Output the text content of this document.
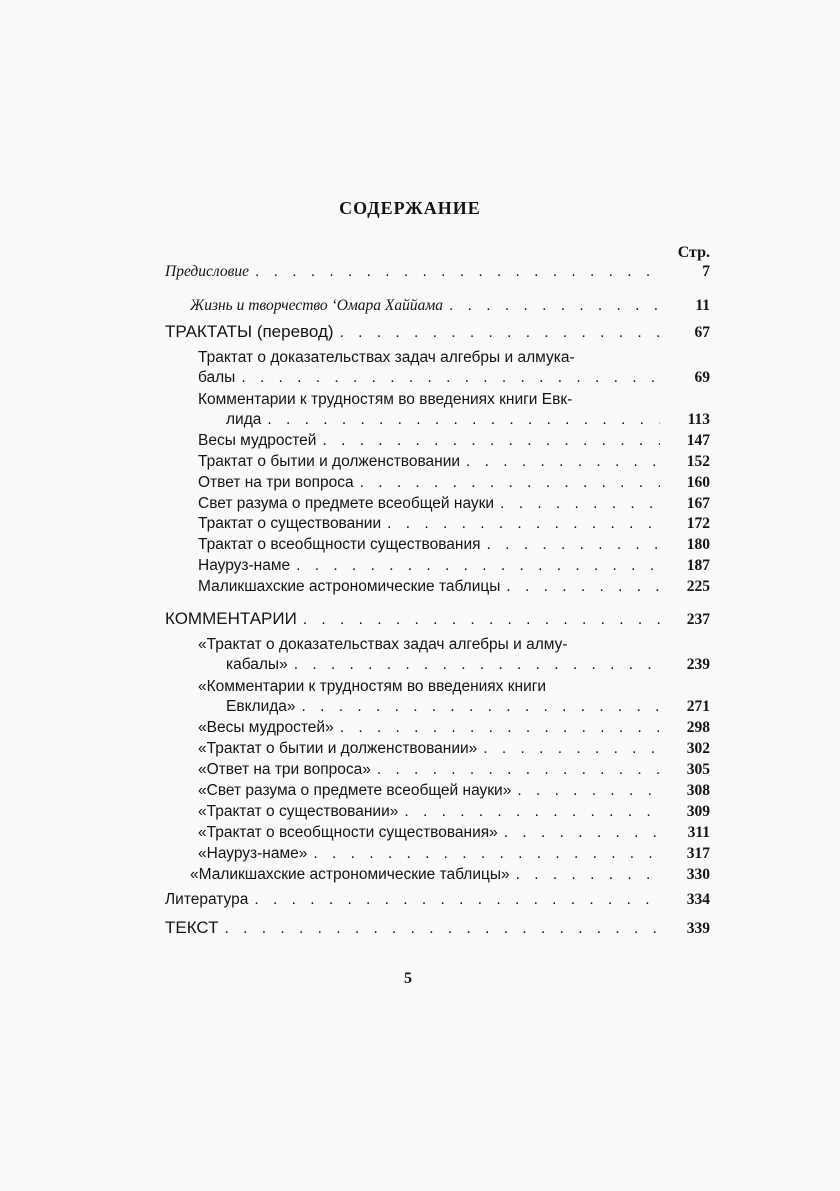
СОДЕРЖАНИЕ
Стр.
Предисловие . . .	7
Жизнь и творчество ʻОмара Хаййама . . .	11
ТРАКТАТЫ (перевод) . . .	67
Трактат о доказательствах задач алгебры и алмука-
балы . . .	69
Комментарии к трудностям во введениях книги Евк-
лида . . .	113
Весы мудростей . . .	147
Трактат о бытии и долженствовании . . .	152
Ответ на три вопроса . . .	160
Свет разума о предмете всеобщей науки . . .	167
Трактат о существовании . . .	172
Трактат о всеобщности существования . . .	180
Науруз-наме . . .	187
Маликшахские астрономические таблицы . . .	225
КОММЕНТАРИИ . . .	237
«Трактат о доказательствах задач алгебры и алму-
кабалы» . . .	239
«Комментарии к трудностям во введениях книги
Евклида» . . .	271
«Весы мудростей» . . .	298
«Трактат о бытии и долженствовании» . . .	302
«Ответ на три вопроса» . . .	305
«Свет разума о предмете всеобщей науки» . . .	308
«Трактат о существовании» . . .	309
«Трактат о всеобщности существования» . . .	311
«Науруз-наме» . . .	317
«Маликшахские астрономические таблицы» . . .	330
Литература . . .	334
ТЕКСТ . . .	339
5
